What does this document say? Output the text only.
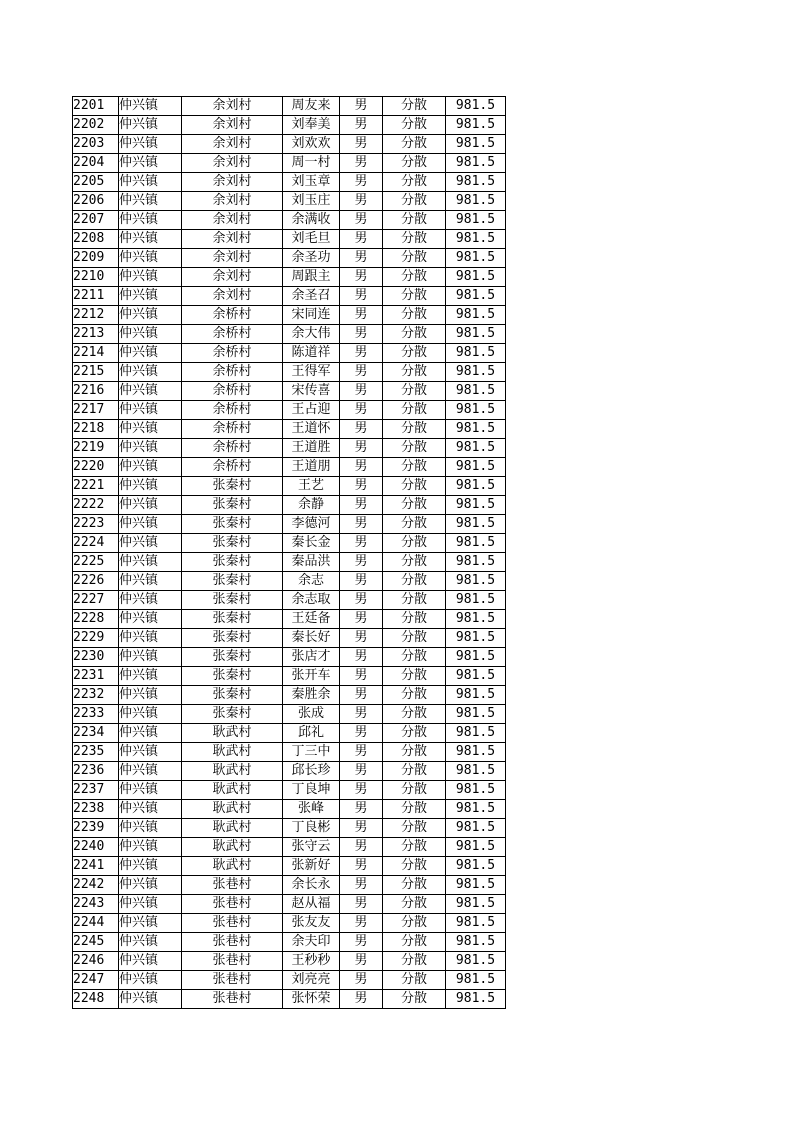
2201	仲兴镇	余刘村	周友来	男	分散	981.5
2202	仲兴镇	余刘村	刘奉美	男	分散	981.5
2203	仲兴镇	余刘村	刘欢欢	男	分散	981.5
2204	仲兴镇	余刘村	周一村	男	分散	981.5
2205	仲兴镇	余刘村	刘玉章	男	分散	981.5
2206	仲兴镇	余刘村	刘玉庄	男	分散	981.5
2207	仲兴镇	余刘村	余满收	男	分散	981.5
2208	仲兴镇	余刘村	刘毛旦	男	分散	981.5
2209	仲兴镇	余刘村	余圣功	男	分散	981.5
2210	仲兴镇	余刘村	周跟主	男	分散	981.5
2211	仲兴镇	余刘村	余圣召	男	分散	981.5
2212	仲兴镇	余桥村	宋同连	男	分散	981.5
2213	仲兴镇	余桥村	余大伟	男	分散	981.5
2214	仲兴镇	余桥村	陈道祥	男	分散	981.5
2215	仲兴镇	余桥村	王得军	男	分散	981.5
2216	仲兴镇	余桥村	宋传喜	男	分散	981.5
2217	仲兴镇	余桥村	王占迎	男	分散	981.5
2218	仲兴镇	余桥村	王道怀	男	分散	981.5
2219	仲兴镇	余桥村	王道胜	男	分散	981.5
2220	仲兴镇	余桥村	王道朋	男	分散	981.5
2221	仲兴镇	张秦村	王艺	男	分散	981.5
2222	仲兴镇	张秦村	余静	男	分散	981.5
2223	仲兴镇	张秦村	李德河	男	分散	981.5
2224	仲兴镇	张秦村	秦长金	男	分散	981.5
2225	仲兴镇	张秦村	秦品洪	男	分散	981.5
2226	仲兴镇	张秦村	余志	男	分散	981.5
2227	仲兴镇	张秦村	余志取	男	分散	981.5
2228	仲兴镇	张秦村	王廷备	男	分散	981.5
2229	仲兴镇	张秦村	秦长好	男	分散	981.5
2230	仲兴镇	张秦村	张店才	男	分散	981.5
2231	仲兴镇	张秦村	张开车	男	分散	981.5
2232	仲兴镇	张秦村	秦胜余	男	分散	981.5
2233	仲兴镇	张秦村	张成	男	分散	981.5
2234	仲兴镇	耿武村	邱礼	男	分散	981.5
2235	仲兴镇	耿武村	丁三中	男	分散	981.5
2236	仲兴镇	耿武村	邱长珍	男	分散	981.5
2237	仲兴镇	耿武村	丁良坤	男	分散	981.5
2238	仲兴镇	耿武村	张峰	男	分散	981.5
2239	仲兴镇	耿武村	丁良彬	男	分散	981.5
2240	仲兴镇	耿武村	张守云	男	分散	981.5
2241	仲兴镇	耿武村	张新好	男	分散	981.5
2242	仲兴镇	张巷村	余长永	男	分散	981.5
2243	仲兴镇	张巷村	赵从福	男	分散	981.5
2244	仲兴镇	张巷村	张友友	男	分散	981.5
2245	仲兴镇	张巷村	余夫印	男	分散	981.5
2246	仲兴镇	张巷村	王秒秒	男	分散	981.5
2247	仲兴镇	张巷村	刘亮亮	男	分散	981.5
2248	仲兴镇	张巷村	张怀荣	男	分散	981.5
